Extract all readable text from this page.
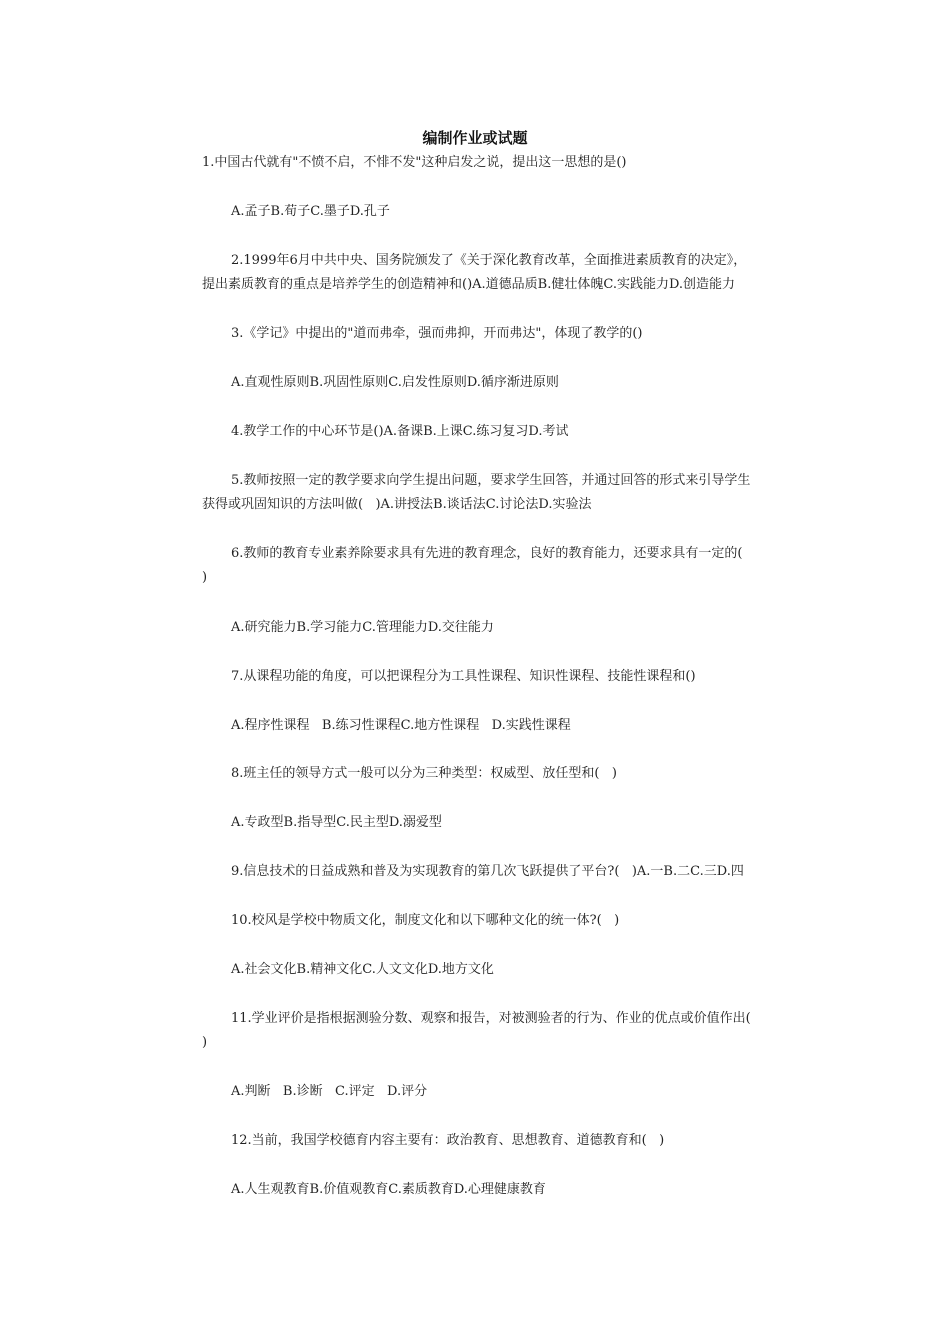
编制作业或试题
1.中国古代就有"不愤不启，不悱不发"这种启发之说，提出这一思想的是()
A.孟子B.荀子C.墨子D.孔子
2.1999年6月中共中央、国务院颁发了《关于深化教育改革，全面推进素质教育的决定》，
提出素质教育的重点是培养学生的创造精神和()A.道德品质B.健壮体魄C.实践能力D.创造能力
3.《学记》中提出的"道而弗牵，强而弗抑，开而弗达"，体现了教学的()
A.直观性原则B.巩固性原则C.启发性原则D.循序渐进原则
4.教学工作的中心环节是()A.备课B.上课C.练习复习D.考试
5.教师按照一定的教学要求向学生提出问题，要求学生回答，并通过回答的形式来引导学生
获得或巩固知识的方法叫做(   )A.讲授法B.谈话法C.讨论法D.实验法
6.教师的教育专业素养除要求具有先进的教育理念，良好的教育能力，还要求具有一定的(
)
A.研究能力B.学习能力C.管理能力D.交往能力
7.从课程功能的角度，可以把课程分为工具性课程、知识性课程、技能性课程和()
A.程序性课程   B.练习性课程C.地方性课程   D.实践性课程
8.班主任的领导方式一般可以分为三种类型：权威型、放任型和(   )
A.专政型B.指导型C.民主型D.溺爱型
9.信息技术的日益成熟和普及为实现教育的第几次飞跃提供了平台?(   )A.一B.二C.三D.四
10.校风是学校中物质文化，制度文化和以下哪种文化的统一体?(   )
A.社会文化B.精神文化C.人文文化D.地方文化
11.学业评价是指根据测验分数、观察和报告，对被测验者的行为、作业的优点或价值作出(
)
A.判断   B.诊断   C.评定   D.评分
12.当前，我国学校德育内容主要有：政治教育、思想教育、道德教育和(   )
A.人生观教育B.价值观教育C.素质教育D.心理健康教育
